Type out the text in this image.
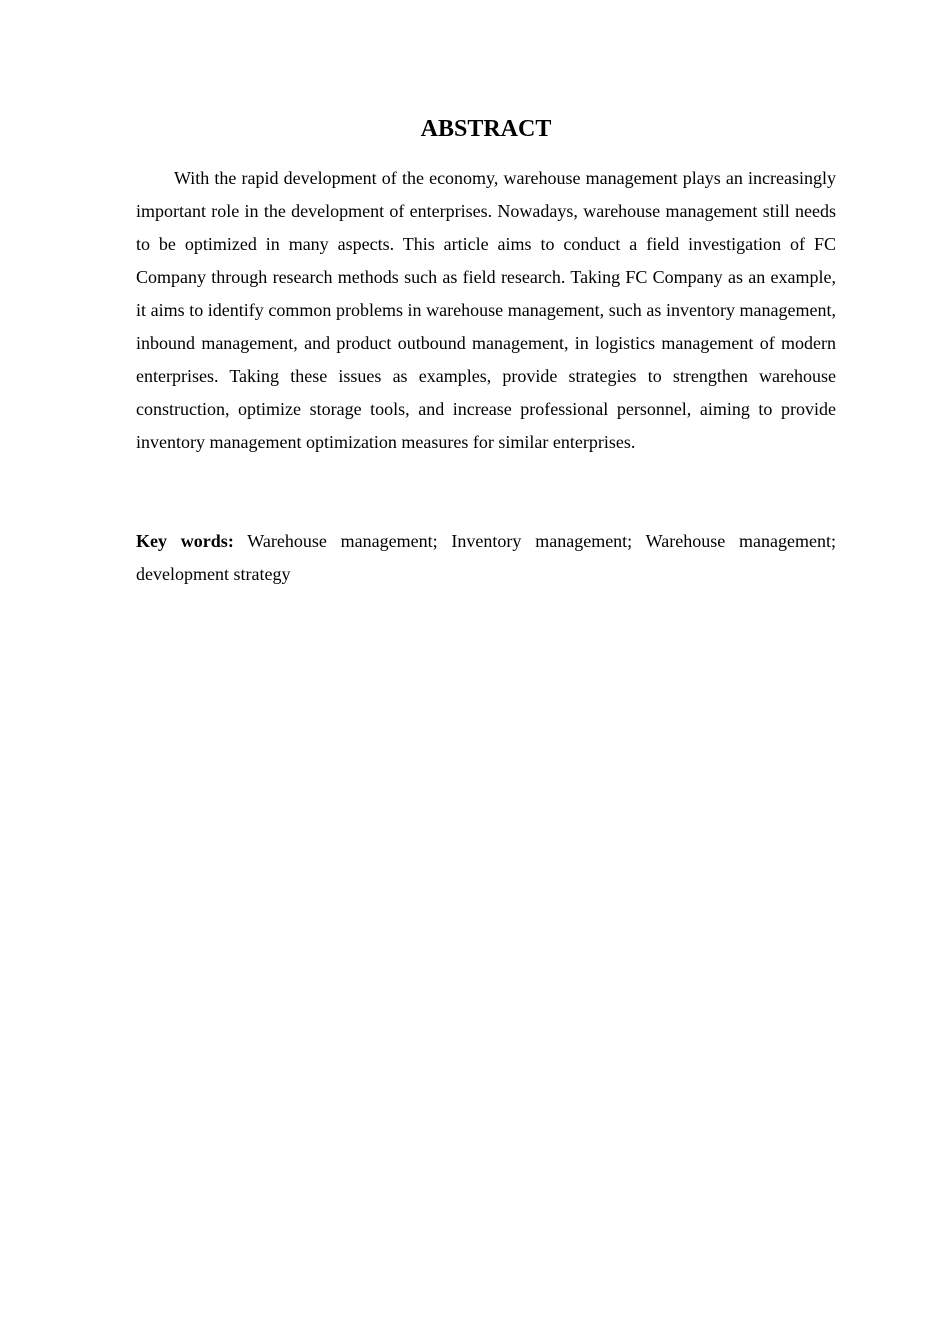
ABSTRACT

With the rapid development of the economy, warehouse management plays an increasingly important role in the development of enterprises. Nowadays, warehouse management still needs to be optimized in many aspects. This article aims to conduct a field investigation of FC Company through research methods such as field research. Taking FC Company as an example, it aims to identify common problems in warehouse management, such as inventory management, inbound management, and product outbound management, in logistics management of modern enterprises. Taking these issues as examples, provide strategies to strengthen warehouse construction, optimize storage tools, and increase professional personnel, aiming to provide inventory management optimization measures for similar enterprises.

Key words: Warehouse management; Inventory management; Warehouse management; development strategy
